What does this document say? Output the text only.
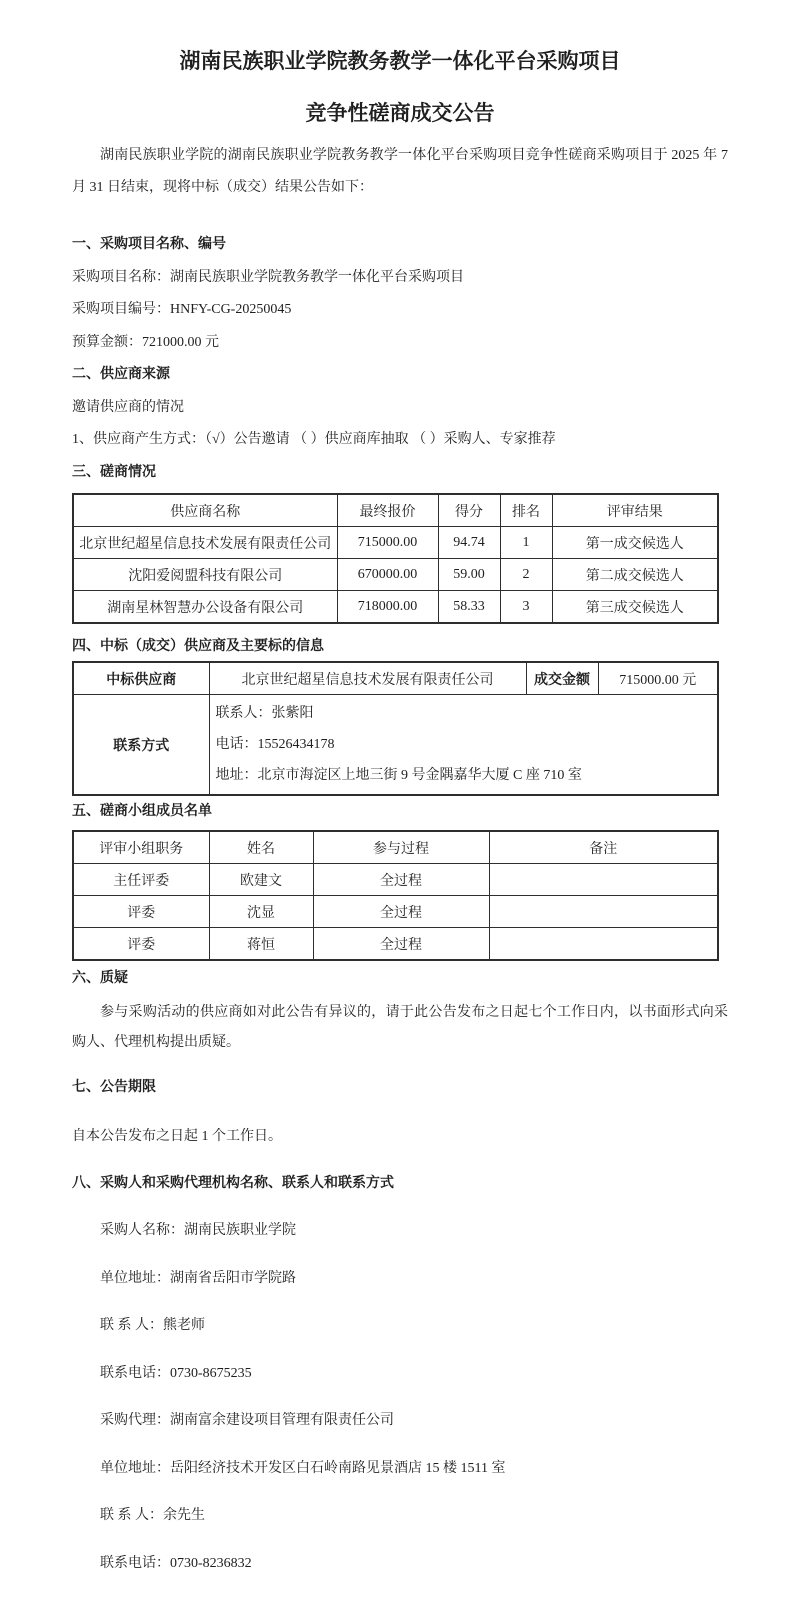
湖南民族职业学院教务教学一体化平台采购项目

竞争性磋商成交公告

湖南民族职业学院的湖南民族职业学院教务教学一体化平台采购项目竞争性磋商采购项目于 2025 年 7 月 31 日结束，现将中标（成交）结果公告如下：

一、采购项目名称、编号

采购项目名称：湖南民族职业学院教务教学一体化平台采购项目

采购项目编号：HNFY-CG-20250045

预算金额：721000.00 元

二、供应商来源

邀请供应商的情况

1、供应商产生方式：（√）公告邀请 （ ）供应商库抽取 （ ）采购人、专家推荐

三、磋商情况

供应商名称	最终报价	得分	排名	评审结果
北京世纪超星信息技术发展有限责任公司	715000.00	94.74	1	第一成交候选人
沈阳爱阅盟科技有限公司	670000.00	59.00	2	第二成交候选人
湖南星林智慧办公设备有限公司	718000.00	58.33	3	第三成交候选人

四、中标（成交）供应商及主要标的信息

中标供应商	北京世纪超星信息技术发展有限责任公司	成交金额	715000.00 元
联系方式	联系人：张紫阳
电话：15526434178
地址：北京市海淀区上地三街 9 号金隅嘉华大厦 C 座 710 室		

五、磋商小组成员名单

评审小组职务	姓名	参与过程	备注
主任评委	欧建文	全过程	
评委	沈显	全过程	
评委	蒋恒	全过程	

六、质疑

参与采购活动的供应商如对此公告有异议的，请于此公告发布之日起七个工作日内，以书面形式向采购人、代理机构提出质疑。

七、公告期限

自本公告发布之日起 1 个工作日。

八、采购人和采购代理机构名称、联系人和联系方式

采购人名称：湖南民族职业学院

单位地址：湖南省岳阳市学院路

联 系 人：熊老师

联系电话：0730-8675235

采购代理：湖南富余建设项目管理有限责任公司

单位地址：岳阳经济技术开发区白石岭南路见景酒店 15 楼 1511 室

联 系 人：余先生

联系电话：0730-8236832
